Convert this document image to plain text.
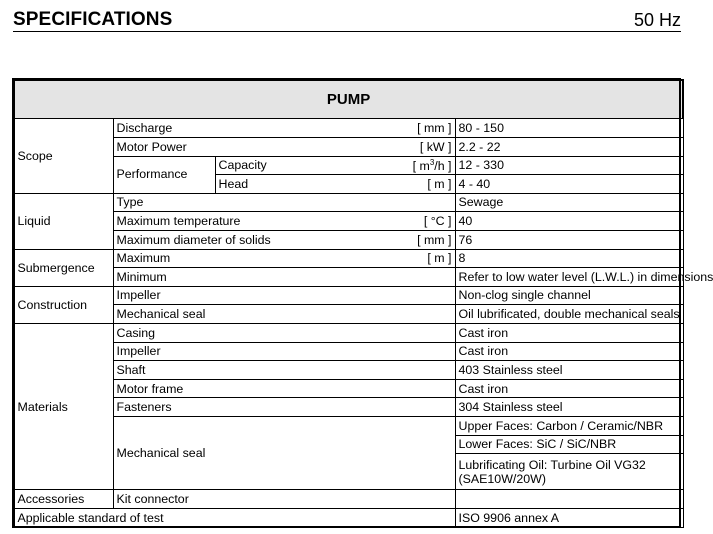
SPECIFICATIONS	50 Hz
PUMP				
Scope	Discharge		[ mm ]	80 - 150
	Motor Power		[ kW ]	2.2 - 22
	Performance	Capacity	[ $m^3/h$ ]	12 - 330
		Head	[ m ]	4 - 40
Liquid	Type			Sewage
	Maximum temperature		[ °C ]	40
	Maximum diameter of solids		[ mm ]	76
Submergence	Maximum		[ m ]	8
	Minimum			Refer to low water level (L.W.L.) in dimensions
Construction	Impeller			Non-clog single channel
	Mechanical seal			Oil lubrificated, double mechanical seals
Materials	Casing			Cast iron
	Impeller			Cast iron
	Shaft			403 Stainless steel
	Motor frame			Cast iron
	Fasteners			304 Stainless steel
	Mechanical seal			Upper Faces: Carbon / Ceramic/NBR
				Lower Faces: SiC / SiC/NBR
				Lubrificating Oil: Turbine Oil VG32
(SAE10W/20W)
Accessories	Kit connector			
Applicable standard of test				ISO 9906 annex A
